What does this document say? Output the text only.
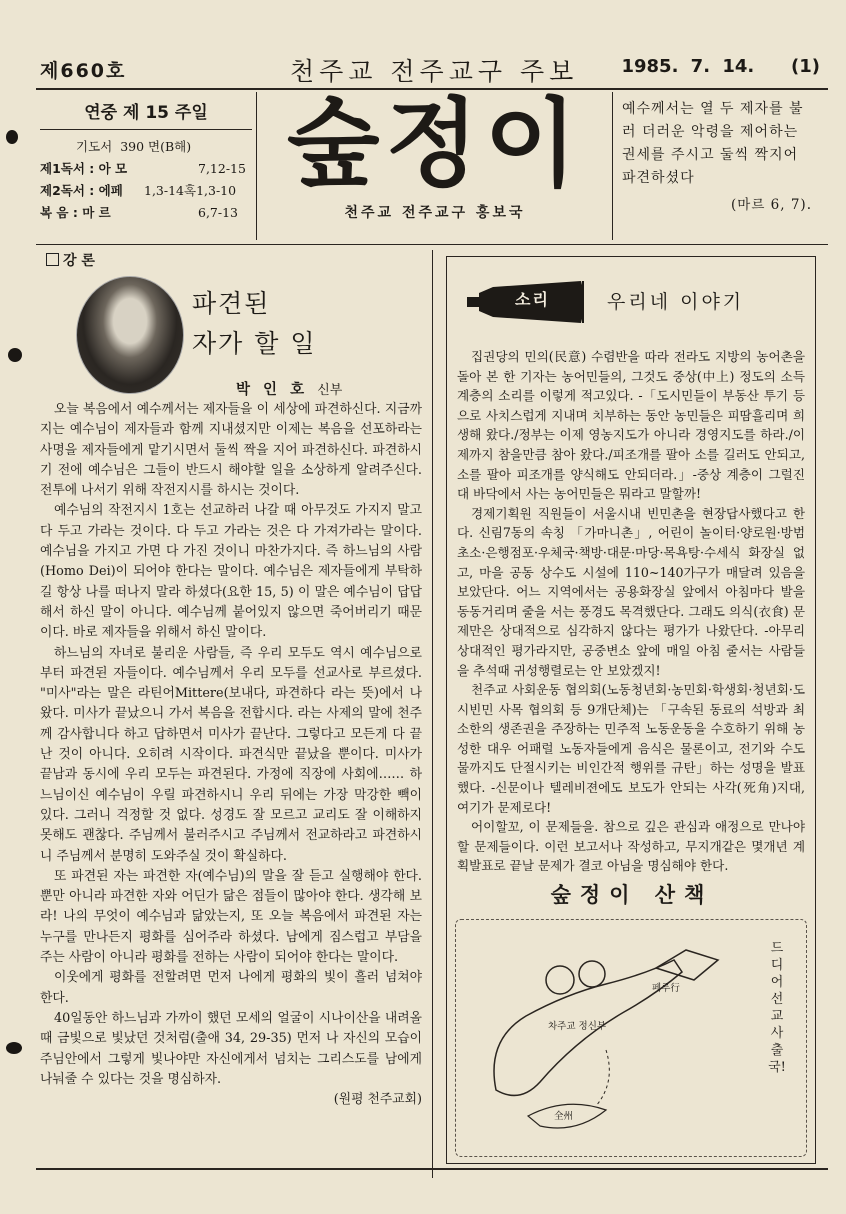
제660호	천주교 전주교구 주보 1985. 7. 14. (1)
연중 제 15 주일
기도서 390 면(B해)
제1독서 : 아 모	7,12-15
제2독서 : 에페 1,3-14혹1,3-10
복 음 : 마 르	6,7-13
숲정이
천주교 전주교구 홍보국
예수께서는 열 두 제자를 불러 더러운 악령을 제어하는 권세를 주시고 둘씩 짝지어 파견하셨다
(마르 6, 7).
강 론
파견된
자가 할 일
박 인 호 신부

오늘 복음에서 예수께서는 제자들을 이 세상에 파견하신다. 지금까지는 예수님이 제자들과 함께 지내셨지만 이제는 복음을 선포하라는 사명을 제자들에게 맡기시면서 둘씩 짝을 지어 파견하신다. 파견하시기 전에 예수님은 그들이 반드시 해야할 일을 소상하게 알려주신다. 전투에 나서기 위해 작전지시를 하시는 것이다.

예수님의 작전지시 1호는 선교하러 나갈 때 아무것도 가지지 말고 다 두고 가라는 것이다. 다 두고 가라는 것은 다 가져가라는 말이다.예수님을 가지고 가면 다 가진 것이니 마찬가지다. 즉 하느님의 사람(Homo Dei)이 되어야 한다는 말이다. 예수님은 제자들에게 부탁하길 항상 나를 떠나지 말라 하셨다(요한 15, 5) 이 말은 예수님이 답답해서 하신 말이 아니다. 예수님께 붙어있지 않으면 죽어버리기 때문이다. 바로 제자들을 위해서 하신 말이다.

하느님의 자녀로 불리운 사람들, 즉 우리 모두도 역시 예수님으로부터 파견된 자들이다. 예수님께서 우리 모두를 선교사로 부르셨다. "미사"라는 말은 라틴어Mittere(보내다, 파견하다 라는 뜻)에서 나왔다. 미사가 끝났으니 가서 복음을 전합시다. 라는 사제의 말에 천주께 감사합니다 하고 답하면서 미사가 끝난다. 그렇다고 모든게 다 끝난 것이 아니다. 오히려 시작이다. 파견식만 끝났을 뿐이다. 미사가 끝남과 동시에 우리 모두는 파견된다. 가정에 직장에 사회에…… 하느님이신 예수님이 우릴 파견하시니 우리 뒤에는 가장 막강한 빽이 있다. 그러니 걱정할 것 없다. 성경도 잘 모르고 교리도 잘 이해하지 못해도 괜찮다. 주님께서 불러주시고 주님께서 전교하라고 파견하시니 주님께서 분명히 도와주실 것이 확실하다.

또 파견된 자는 파견한 자(예수님)의 말을 잘 듣고 실행해야 한다.뿐만 아니라 파견한 자와 어딘가 닮은 점들이 많아야 한다. 생각해 보라! 나의 무엇이 예수님과 닮았는지, 또 오늘 복음에서 파견된 자는 누구를 만나든지 평화를 심어주라 하셨다. 남에게 짐스럽고 부담을 주는 사람이 아니라 평화를 전하는 사람이 되어야 한다는 말이다.

이웃에게 평화를 전할려면 먼저 나에게 평화의 빛이 흘러 넘쳐야 한다.

40일동안 하느님과 가까이 했던 모세의 얼굴이 시나이산을 내려올때 금빛으로 빛났던 것처럼(출애 34, 29-35) 먼저 나 자신의 모습이 주님안에서 그렇게 빛나야만 자신에게서 넘치는 그리스도를 남에게 나눠줄 수 있다는 것을 명심하자.

(원평 천주교회)
소리	우리네 이야기

집권당의 민의(民意) 수렴반을 따라 전라도 지방의 농어촌을 돌아 본 한 기자는 농어민들의, 그것도 중상(中上) 정도의 소득 계층의 소리를 이렇게 적고있다. -「도시민들이 부동산 투기 등으로 사치스럽게 지내며 치부하는 동안 농민들은 피땀흘리며 희생해 왔다./정부는 이제 영농지도가 아니라 경영지도를 하라./이제까지 참을만큼 참아 왔다./피조개를 팔아 소를 길러도 안되고, 소를 팔아 피조개를 양식해도 안되더라.」-중상 계층이 그럴진대 바닥에서 사는 농어민들은 뭐라고 말할까!

경제기획원 직원들이 서울시내 빈민촌을 현장답사했다고 한다. 신림7동의 속칭 「가마니촌」, 어린이 놀이터·양로원·방범초소·은행점포·우체국·책방·대문·마당·목욕탕·수세식 화장실 없고, 마을 공동 상수도 시설에 110~140가구가 매달려 있음을 보았단다. 어느 지역에서는 공용화장실 앞에서 아침마다 발을 동동거리며 줄을 서는 풍경도 목격했단다. 그래도 의식(衣食) 문제만은 상대적으로 심각하지 않다는 평가가 나왔단다. -아무리 상대적인 평가라지만, 공중변소 앞에 매일 아침 줄서는 사람들을 추석때 귀성행렬로는 안 보았겠지!

천주교 사회운동 협의회(노동청년회·농민회·학생회·청년회·도시빈민 사목 협의회 등 9개단체)는 「구속된 동료의 석방과 최소한의 생존권을 주장하는 민주적 노동운동을 수호하기 위해 농성한 대우 어패럴 노동자들에게 음식은 물론이고, 전기와 수도물까지도 단절시키는 비인간적 행위를 규탄」하는 성명을 발표했다. -신문이나 텔레비젼에도 보도가 안되는 사각(死角)지대, 여기가 문제로다!

어이할꼬, 이 문제들을. 참으로 깊은 관심과 애정으로 만나야 할 문제들이다. 이런 보고서나 작성하고, 무지개같은 몇개년 계획발표로 끝날 문제가 결코 아님을 명심해야 한다.

숲정이 산책
차주교 정신부
페루行
全州
드디어 선교사 출국!
